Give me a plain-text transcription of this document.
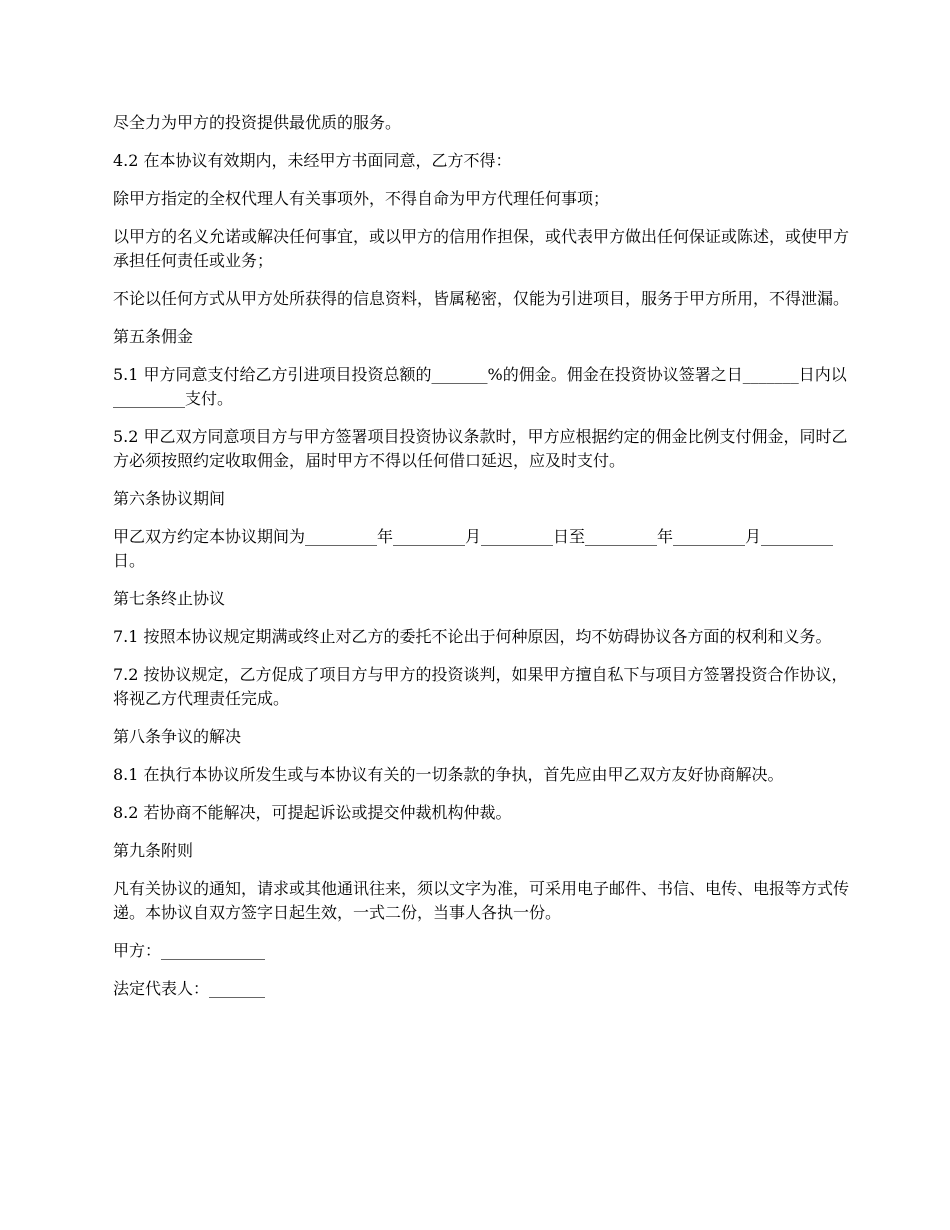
尽全力为甲方的投资提供最优质的服务。

4.2 在本协议有效期内，未经甲方书面同意，乙方不得：

除甲方指定的全权代理人有关事项外，不得自命为甲方代理任何事项；

以甲方的名义允诺或解决任何事宜，或以甲方的信用作担保，或代表甲方做出任何保证或陈述，或使甲方承担任何责任或业务；

不论以任何方式从甲方处所获得的信息资料，皆属秘密，仅能为引进项目，服务于甲方所用，不得泄漏。

第五条佣金

5.1 甲方同意支付给乙方引进项目投资总额的_______%的佣金。佣金在投资协议签署之日_______日内以_________支付。

5.2 甲乙双方同意项目方与甲方签署项目投资协议条款时，甲方应根据约定的佣金比例支付佣金，同时乙方必须按照约定收取佣金，届时甲方不得以任何借口延迟，应及时支付。

第六条协议期间

甲乙双方约定本协议期间为_________年_________月_________日至_________年_________月_________日。

第七条终止协议

7.1 按照本协议规定期满或终止对乙方的委托不论出于何种原因，均不妨碍协议各方面的权利和义务。

7.2 按协议规定，乙方促成了项目方与甲方的投资谈判，如果甲方擅自私下与项目方签署投资合作协议，将视乙方代理责任完成。

第八条争议的解决

8.1 在执行本协议所发生或与本协议有关的一切条款的争执，首先应由甲乙双方友好协商解决。

8.2 若协商不能解决，可提起诉讼或提交仲裁机构仲裁。

第九条附则

凡有关协议的通知，请求或其他通讯往来，须以文字为准，可采用电子邮件、书信、电传、电报等方式传递。本协议自双方签字日起生效，一式二份，当事人各执一份。

甲方：_____________

法定代表人：_______
